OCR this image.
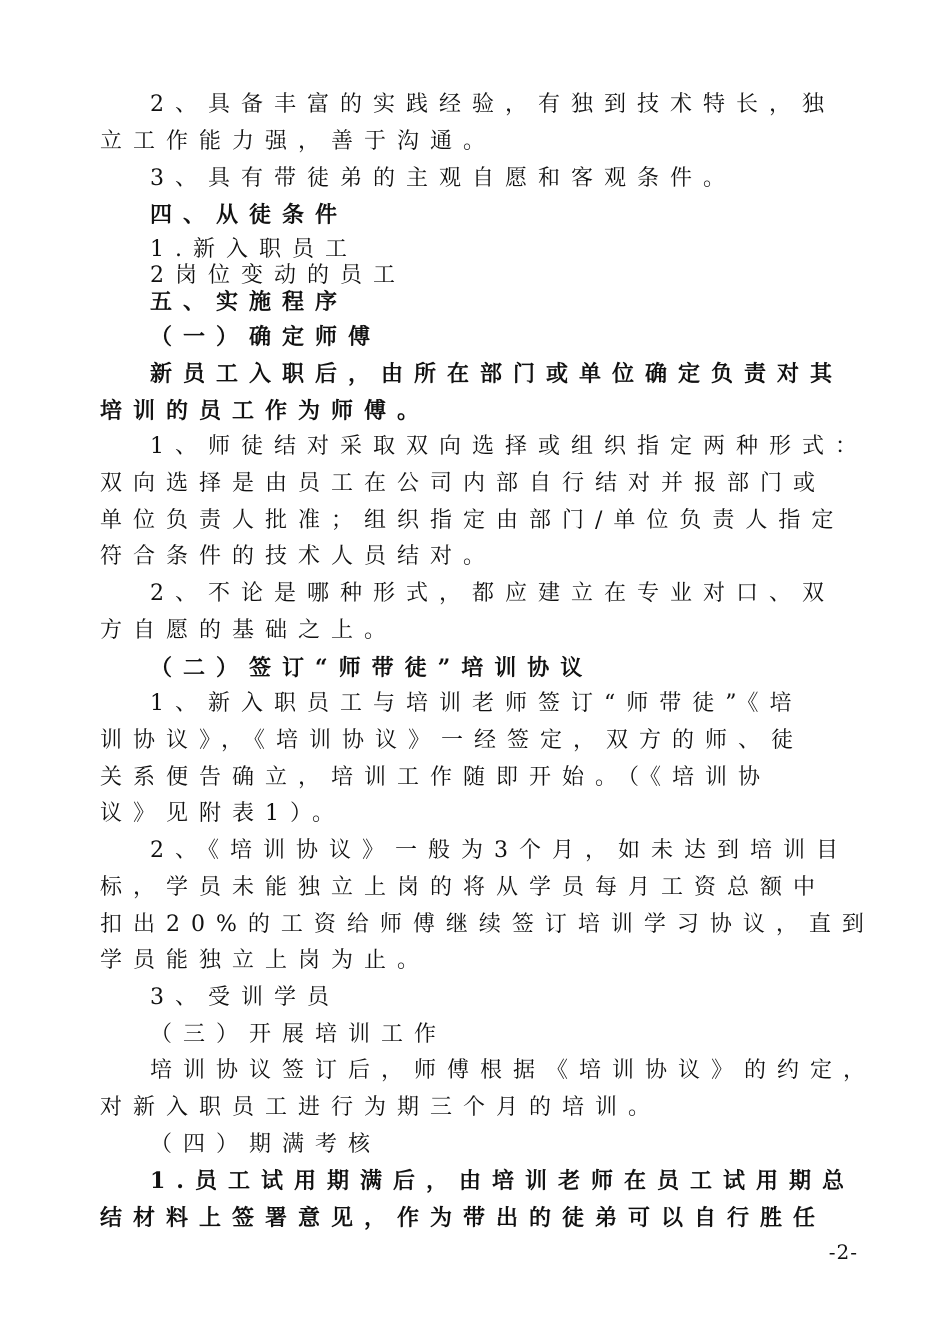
2、具备丰富的实践经验，有独到技术特长，独
立工作能力强，善于沟通。
3、具有带徒弟的主观自愿和客观条件。
四、从徒条件
1.新入职员工
2岗位变动的员工
五、实施程序
（一）确定师傅
新员工入职后，由所在部门或单位确定负责对其
培训的员工作为师傅。
1、师徒结对采取双向选择或组织指定两种形式：
双向选择是由员工在公司内部自行结对并报部门或
单位负责人批准；组织指定由部门/单位负责人指定
符合条件的技术人员结对。
2、不论是哪种形式，都应建立在专业对口、双
方自愿的基础之上。
（二）签订“师带徒”培训协议
1、新入职员工与培训老师签订“师带徒”《培
训协议》，《培训协议》一经签定，双方的师、徒
关系便告确立，培训工作随即开始。（《培训协
议》见附表1）。
2、《培训协议》一般为3个月，如未达到培训目
标，学员未能独立上岗的将从学员每月工资总额中
扣出20%的工资给师傅继续签订培训学习协议，直到
学员能独立上岗为止。
3、受训学员
（三）开展培训工作
培训协议签订后，师傅根据《培训协议》的约定，
对新入职员工进行为期三个月的培训。
（四）期满考核
1.员工试用期满后，由培训老师在员工试用期总
结材料上签署意见，作为带出的徒弟可以自行胜任
-2-
